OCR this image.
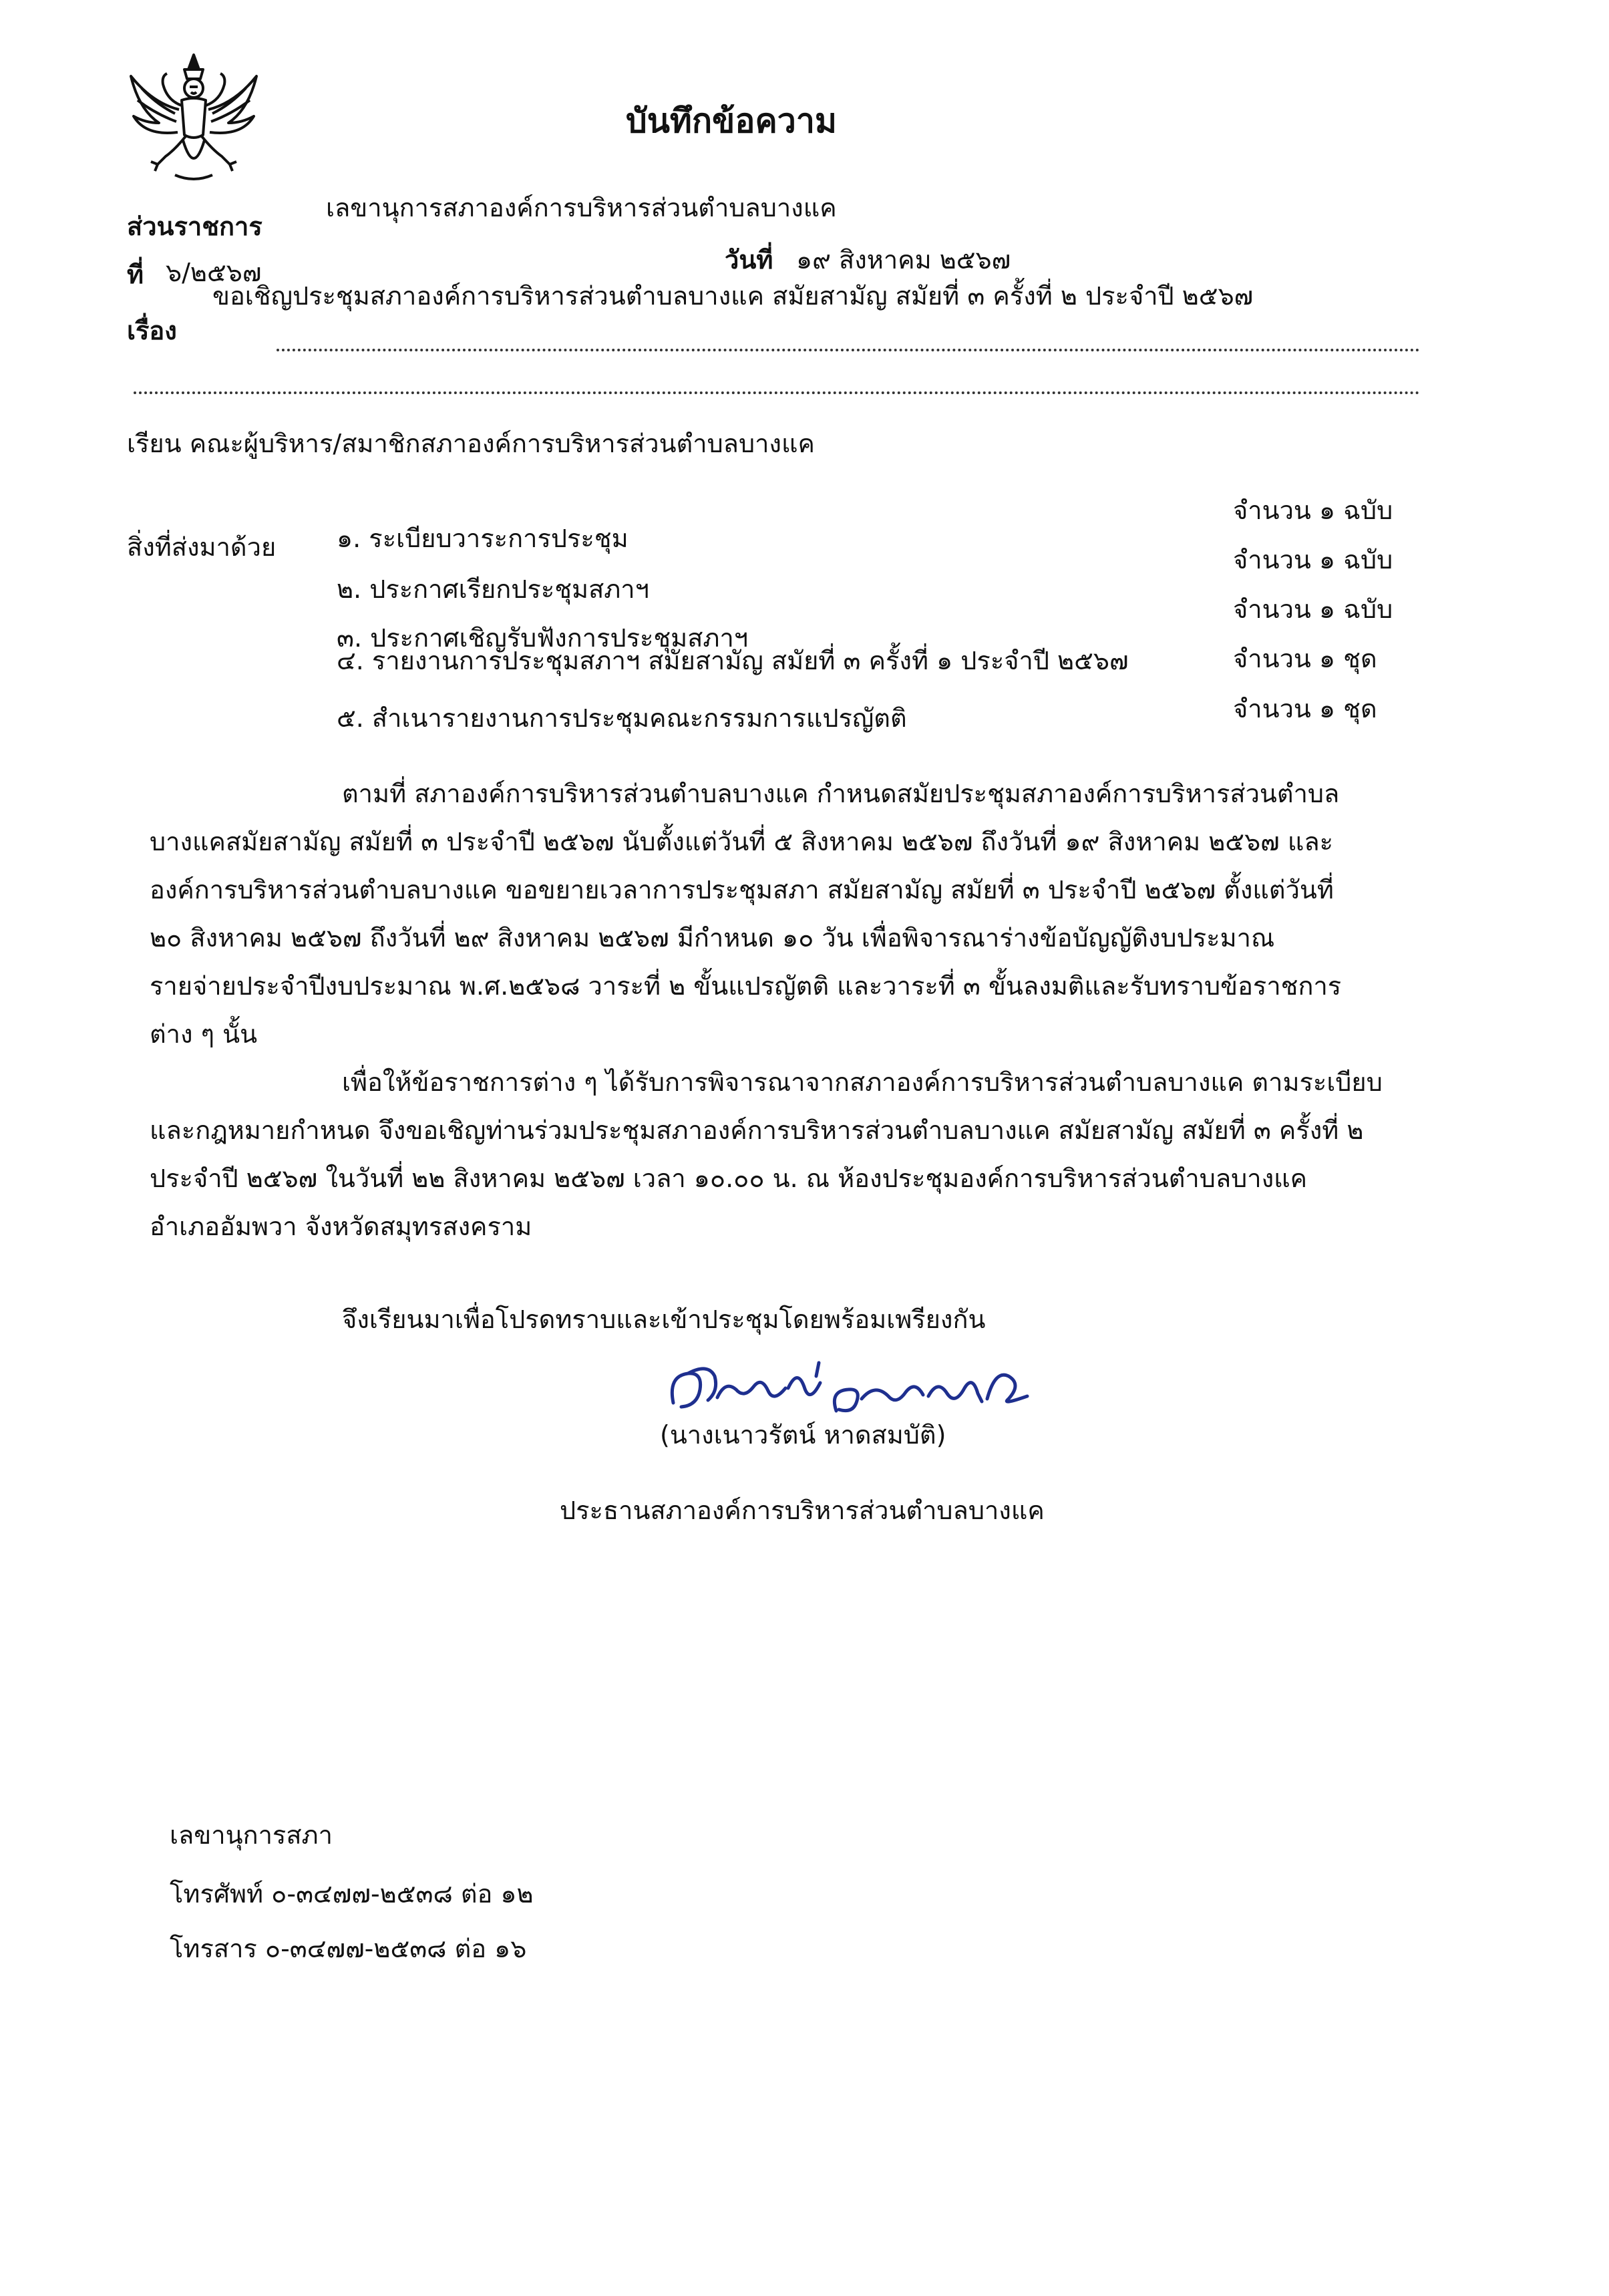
บันทึกข้อความ
ส่วนราชการ
เลขานุการสภาองค์การบริหารส่วนตำบลบางแค
ที่ ๖/๒๕๖๗	วันที่ ๑๙ สิงหาคม ๒๕๖๗
เรื่อง
ขอเชิญประชุมสภาองค์การบริหารส่วนตำบลบางแค สมัยสามัญ สมัยที่ ๓ ครั้งที่ ๒ ประจำปี ๒๕๖๗
เรียน คณะผู้บริหาร/สมาชิกสภาองค์การบริหารส่วนตำบลบางแค
สิ่งที่ส่งมาด้วย ๑. ระเบียบวาระการประชุม
จำนวน ๑ ฉบับ
๒. ประกาศเรียกประชุมสภาฯ
จำนวน ๑ ฉบับ
๓. ประกาศเชิญรับฟังการประชุมสภาฯ
จำนวน ๑ ฉบับ
๔. รายงานการประชุมสภาฯ สมัยสามัญ สมัยที่ ๓ ครั้งที่ ๑ ประจำปี ๒๕๖๗	จำนวน ๑ ชุด
๕. สำเนารายงานการประชุมคณะกรรมการแปรญัตติ	จำนวน ๑ ชุด
ตามที่ สภาองค์การบริหารส่วนตำบลบางแค กำหนดสมัยประชุมสภาองค์การบริหารส่วนตำบล
บางแคสมัยสามัญ สมัยที่ ๓ ประจำปี ๒๕๖๗ นับตั้งแต่วันที่ ๕ สิงหาคม ๒๕๖๗ ถึงวันที่ ๑๙ สิงหาคม ๒๕๖๗ และ
องค์การบริหารส่วนตำบลบางแค ขอขยายเวลาการประชุมสภา สมัยสามัญ สมัยที่ ๓ ประจำปี ๒๕๖๗ ตั้งแต่วันที่
๒๐ สิงหาคม ๒๕๖๗ ถึงวันที่ ๒๙ สิงหาคม ๒๕๖๗ มีกำหนด ๑๐ วัน เพื่อพิจารณาร่างข้อบัญญัติงบประมาณ
รายจ่ายประจำปีงบประมาณ พ.ศ.๒๕๖๘ วาระที่ ๒ ขั้นแปรญัตติ และวาระที่ ๓ ขั้นลงมติและรับทราบข้อราชการ
ต่าง ๆ นั้น
เพื่อให้ข้อราชการต่าง ๆ ได้รับการพิจารณาจากสภาองค์การบริหารส่วนตำบลบางแค ตามระเบียบ
และกฎหมายกำหนด จึงขอเชิญท่านร่วมประชุมสภาองค์การบริหารส่วนตำบลบางแค สมัยสามัญ สมัยที่ ๓ ครั้งที่ ๒
ประจำปี ๒๕๖๗ ในวันที่ ๒๒ สิงหาคม ๒๕๖๗ เวลา ๑๐.๐๐ น. ณ ห้องประชุมองค์การบริหารส่วนตำบลบางแค
อำเภออัมพวา จังหวัดสมุทรสงคราม
จึงเรียนมาเพื่อโปรดทราบและเข้าประชุมโดยพร้อมเพรียงกัน
(นางเนาวรัตน์ หาดสมบัติ)
ประธานสภาองค์การบริหารส่วนตำบลบางแค
เลขานุการสภา
โทรศัพท์ ๐-๓๔๗๗-๒๕๓๘ ต่อ ๑๒
โทรสาร ๐-๓๔๗๗-๒๕๓๘ ต่อ ๑๖
